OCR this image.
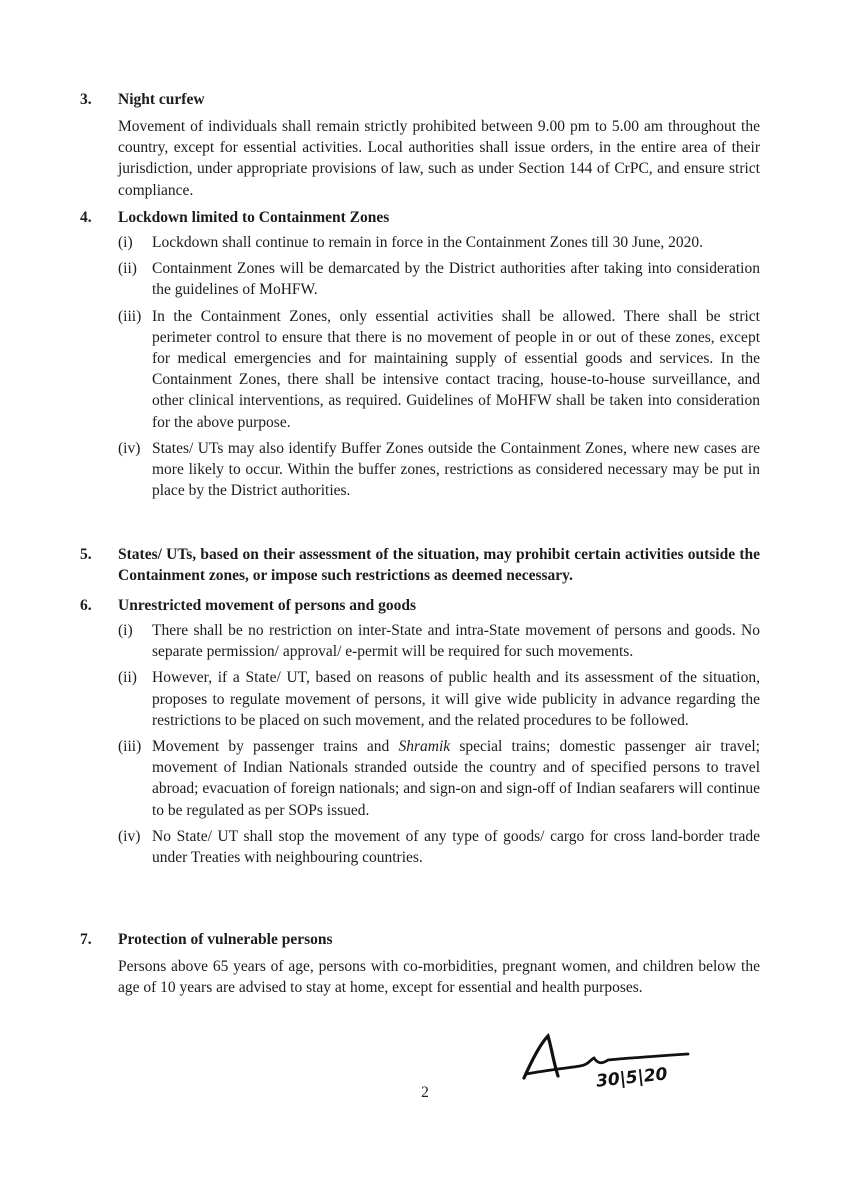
3.	Night curfew
Movement of individuals shall remain strictly prohibited between 9.00 pm to 5.00 am throughout the country, except for essential activities. Local authorities shall issue orders, in the entire area of their jurisdiction, under appropriate provisions of law, such as under Section 144 of CrPC, and ensure strict compliance.
4.	Lockdown limited to Containment Zones
(i)	Lockdown shall continue to remain in force in the Containment Zones till 30 June, 2020.
(ii) Containment Zones will be demarcated by the District authorities after taking into consideration the guidelines of MoHFW.
(iii) In the Containment Zones, only essential activities shall be allowed. There shall be strict perimeter control to ensure that there is no movement of people in or out of these zones, except for medical emergencies and for maintaining supply of essential goods and services. In the Containment Zones, there shall be intensive contact tracing, house-to-house surveillance, and other clinical interventions, as required. Guidelines of MoHFW shall be taken into consideration for the above purpose.
(iv) States/ UTs may also identify Buffer Zones outside the Containment Zones, where new cases are more likely to occur. Within the buffer zones, restrictions as considered necessary may be put in place by the District authorities.
5.	States/ UTs, based on their assessment of the situation, may prohibit certain activities outside the Containment zones, or impose such restrictions as deemed necessary.
6.	Unrestricted movement of persons and goods
(i)	There shall be no restriction on inter-State and intra-State movement of persons and goods. No separate permission/ approval/ e-permit will be required for such movements.
(ii) However, if a State/ UT, based on reasons of public health and its assessment of the situation, proposes to regulate movement of persons, it will give wide publicity in advance regarding the restrictions to be placed on such movement, and the related procedures to be followed.
(iii) Movement by passenger trains and Shramik special trains; domestic passenger air travel; movement of Indian Nationals stranded outside the country and of specified persons to travel abroad; evacuation of foreign nationals; and sign-on and sign-off of Indian seafarers will continue to be regulated as per SOPs issued.
(iv) No State/ UT shall stop the movement of any type of goods/ cargo for cross land-border trade under Treaties with neighbouring countries.
7.	Protection of vulnerable persons
Persons above 65 years of age, persons with co-morbidities, pregnant women, and children below the age of 10 years are advised to stay at home, except for essential and health purposes.
30|5|20
2
